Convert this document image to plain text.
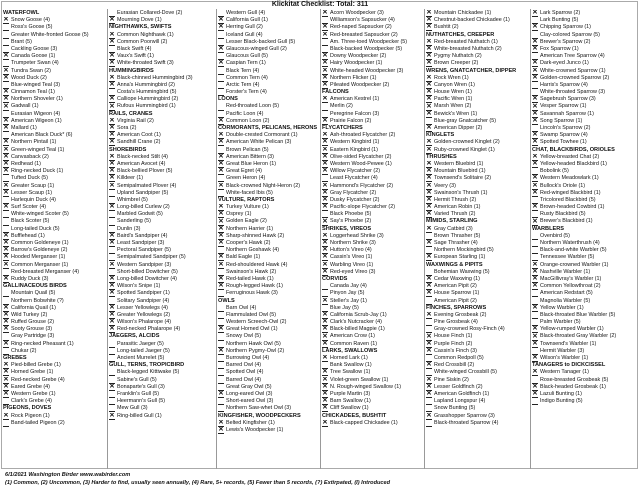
Klickitat Checklist: Total: 311
WATERFOWL
✕ Snow Goose (4)
Ross's Goose (5)
Greater White-fronted Goose (5)
Brant (5)
Cackling Goose (3)
✕ Canada Goose (1)
Trumpeter Swan (4)
✕ Tundra Swan (2)
✕ Wood Duck (2)
Blue-winged Teal (3)
✕ Cinnamon Teal (1)
✕ Northern Shoveler (1)
✕ Gadwall (1)
Eurasian Wigeon (4)
✕ American Wigeon (1)
✕ Mallard (1)
American Black Duck* (6)
✕ Northern Pintail (1)
✕ Green-winged Teal (1)
✕ Canvasback (2)
✕ Redhead (1)
✕ Ring-necked Duck (1)
Tufted Duck (5)
✕ Greater Scaup (1)
✕ Lesser Scaup (1)
Harlequin Duck (4)
✕ Surf Scoter (4)
White-winged Scoter (5)
Black Scoter (5)
Long-tailed Duck (5)
✕ Bufflehead (1)
✕ Common Goldeneye (1)
✕ Barrow's Goldeneye (2)
✕ Hooded Merganser (1)
✕ Common Merganser (1)
Red-breasted Merganser (4)
✕ Ruddy Duck (3)
GALLINACEOUS BIRDS
Mountain Quail (5)
Northern Bobwhite (?)
✕ California Quail (1)
✕ Wild Turkey (2)
✕ Ruffed Grouse (2)
✕ Sooty Grouse (3)
Gray Partridge (3)
✕ Ring-necked Pheasant (1)
Chukar (2)
GREBES
✕ Pied-billed Grebe (1)
✕ Horned Grebe (1)
✕ Red-necked Grebe (4)
✕ Eared Grebe (4)
✕ Western Grebe (1)
Clark's Grebe (4)
PIGEONS, DOVES
✕ Rock Pigeon (1)
Band-tailed Pigeon (2)
Eurasian Collared-Dove (2)
✕ Mourning Dove (1)
NIGHTHAWKS, SWIFTS
✕ Common Nighthawk (1)
✕ Common Poorwill (2)
Black Swift (4)
✕ Vaux's Swift (1)
✕ White-throated Swift (3)
HUMMINGBIRDS
✕ Black-chinned Hummingbird (3)
✕ Anna's Hummingbird (2)
Costa's Hummingbird (5)
✕ Calliope Hummingbird (2)
✕ Rufous Hummingbird (1)
RAILS, CRANES
✕ Virginia Rail (2)
✕ Sora (2)
✕ American Coot (1)
✕ Sandhill Crane (2)
SHOREBIRDS
✕ Black-necked Stilt (4)
✕ American Avocet (4)
✕ Black-bellied Plover (5)
✕ Killdeer (1)
✕ Semipalmated Plover (4)
Upland Sandpiper (5)
Whimbrel (5)
✕ Long-billed Curlew (2)
Marbled Godwit (5)
Sanderling (5)
Dunlin (3)
✕ Baird's Sandpiper (4)
✕ Least Sandpiper (3)
Pectoral Sandpiper (5)
Semipalmated Sandpiper (5)
✕ Western Sandpiper (3)
Short-billed Dowitcher (5)
✕ Long-billed Dowitcher (4)
✕ Wilson's Snipe (1)
✕ Spotted Sandpiper (1)
Solitary Sandpiper (4)
✕ Lesser Yellowlegs (4)
✕ Greater Yellowlegs (2)
✕ Wilson's Phalarope (4)
✕ Red-necked Phalarope (4)
JAEGERS, ALCIDS
Parasitic Jaeger (5)
Long-tailed Jaeger (5)
Ancient Murrelet (5)
GULL, TERNS, TROPICBIRD
Black-legged Kittiwake (5)
Sabine's Gull (5)
✕ Bonaparte's Gull (3)
Franklin's Gull (5)
Heermann's Gull (5)
Mew Gull (3)
✕ Ring-billed Gull (1)
Western Gull (4)
✕ California Gull (1)
✕ Herring Gull (2)
Iceland Gull (4)
Lesser Black-backed Gull (5)
✕ Glaucous-winged Gull (2)
Glaucous Gull (5)
✕ Caspian Tern (1)
Black Tern (4)
Common Tern (4)
Arctic Tern (4)
Forster's Tern (4)
LOONS
Red-throated Loon (5)
Pacific Loon (4)
✕ Common Loon (2)
CORMORANTS, PELICANS, HERONS
✕ Double-crested Cormorant (1)
✕ American White Pelican (3)
Brown Pelican (5)
✕ American Bittern (3)
✕ Great Blue Heron (1)
✕ Great Egret (4)
Green Heron (4)
✕ Black-crowned Night-Heron (2)
White-faced Ibis (5)
VULTURE, RAPTORS
✕ Turkey Vulture (1)
✕ Osprey (1)
✕ Golden Eagle (2)
✕ Northern Harrier (1)
✕ Sharp-shinned Hawk (2)
✕ Cooper's Hawk (2)
Northern Goshawk (4)
✕ Bald Eagle (1)
✕ Red-shouldered Hawk (4)
Swainson's Hawk (2)
✕ Red-tailed Hawk (1)
✕ Rough-legged Hawk (1)
Ferruginous Hawk (3)
OWLS
Barn Owl (4)
Flammulated Owl (5)
Western Screech-Owl (2)
✕ Great Horned Owl (1)
Snowy Owl (5)
Northern Hawk Owl (5)
✕ Northern Pygmy-Owl (2)
Burrowing Owl (4)
Barred Owl (4)
Spotted Owl (4)
Barred Owl (4)
Great Gray Owl (5)
✕ Long-eared Owl (3)
Short-eared Owl (3)
Northern Saw-whet Owl (3)
KINGFISHER, WOODPECKERS
✕ Belted Kingfisher (1)
✕ Lewis's Woodpecker (1)
✕ Acorn Woodpecker (3)
Williamson's Sapsucker (4)
✕ Red-naped Sapsucker (2)
✕ Red-breasted Sapsucker (2)
Am. Three-toed Woodpecker (5)
Black-backed Woodpecker (5)
✕ Downy Woodpecker (2)
✕ Hairy Woodpecker (1)
✕ White-headed Woodpecker (3)
✕ Northern Flicker (1)
✕ Pileated Woodpecker (2)
FALCONS
✕ American Kestrel (1)
Merlin (2)
Peregrine Falcon (3)
✕ Prairie Falcon (2)
FLYCATCHERS
✕ Ash-throated Flycatcher (2)
✕ Western Kingbird (1)
✕ Eastern Kingbird (1)
✕ Olive-sided Flycatcher (2)
✕ Western Wood-Pewee (1)
✕ Willow Flycatcher (2)
Least Flycatcher (4)
✕ Hammond's Flycatcher (2)
✕ Gray Flycatcher (2)
✕ Dusky Flycatcher (2)
✕ Pacific-slope Flycatcher (2)
Black Phoebe (5)
✕ Say's Phoebe (2)
SHRIKES, VIREOS
✕ Loggerhead Shrike (3)
✕ Northern Shrike (3)
✕ Hutton's Vireo (4)
✕ Cassin's Vireo (1)
✕ Warbling Vireo (1)
✕ Red-eyed Vireo (3)
CORVIDS
Canada Jay (4)
Pinyon Jay (5)
✕ Steller's Jay (1)
Blue Jay (5)
✕ California Scrub-Jay (1)
✕ Clark's Nutcracker (4)
✕ Black-billed Magpie (1)
✕ American Crow (1)
✕ Common Raven (1)
LARKS, SWALLOWS
✕ Horned Lark (1)
Bank Swallow (1)
✕ Tree Swallow (1)
✕ Violet-green Swallow (1)
✕ N. Rough-winged Swallow (1)
✕ Purple Martin (3)
✕ Barn Swallow (1)
✕ Cliff Swallow (1)
CHICKADEES, BUSHTIT
✕ Black-capped Chickadee (1)
✕ Mountain Chickadee (1)
✕ Chestnut-backed Chickadee (1)
✕ Bushtit (2)
NUTHATCHES, CREEPER
✕ Red-breasted Nuthatch (1)
✕ White-breasted Nuthatch (2)
✕ Pygmy Nuthatch (2)
✕ Brown Creeper (2)
WRENS, GNATCATCHER, DIPPER
✕ Rock Wren (1)
✕ Canyon Wren (1)
✕ House Wren (1)
✕ Pacific Wren (1)
✕ Marsh Wren (2)
✕ Bewick's Wren (1)
Blue-gray Gnatcatcher (5)
✕ American Dipper (2)
KINGLETS
✕ Golden-crowned Kinglet (2)
✕ Ruby-crowned Kinglet (1)
THRUSHES
✕ Western Bluebird (1)
✕ Mountain Bluebird (1)
✕ Townsend's Solitaire (2)
✕ Veery (3)
✕ Swainson's Thrush (1)
✕ Hermit Thrush (2)
✕ American Robin (1)
✕ Varied Thrush (2)
MIMIDS, STARLING
✕ Gray Catbird (3)
Brown Thrasher (5)
✕ Sage Thrasher (4)
Northern Mockingbird (5)
✕ European Starling (1)
WAXWINGS & PIPITS
Bohemian Waxwing (5)
✕ Cedar Waxwing (1)
✕ American Pipit (2)
✕ House Sparrow (1)
American Pipit (2)
FINCHES, SPARROWS
✕ Evening Grosbeak (2)
Pine Grosbeak (4)
Gray-crowned Rosy-Finch (4)
✕ House Finch (1)
✕ Purple Finch (2)
✕ Cassin's Finch (3)
Common Redpoll (5)
✕ Red Crossbill (2)
White-winged Crossbill (5)
✕ Pine Siskin (2)
✕ Lesser Goldfinch (2)
✕ American Goldfinch (1)
Lapland Longspur (4)
Snow Bunting (5)
✕ Grasshopper Sparrow (3)
Black-throated Sparrow (4)
✕ Lark Sparrow (2)
Lark Bunting (5)
✕ Chipping Sparrow (1)
Clay-colored Sparrow (5)
✕ Brewer's Sparrow (2)
✕ Fox Sparrow (1)
American Tree Sparrow (4)
✕ Dark-eyed Junco (1)
✕ White-crowned Sparrow (1)
✕ Golden-crowned Sparrow (2)
Harris's Sparrow (4)
White-throated Sparrow (3)
✕ Sagebrush Sparrow (3)
✕ Vesper Sparrow (1)
✕ Savannah Sparrow (1)
✕ Song Sparrow (1)
Lincoln's Sparrow (2)
✕ Swamp Sparrow (4)
✕ Spotted Towhee (1)
CHAT, BLACKBIRDS, ORIOLES
✕ Yellow-breasted Chat (2)
✕ Yellow-headed Blackbird (1)
Bobolink (5)
✕ Western Meadowlark (1)
✕ Bullock's Oriole (1)
✕ Red-winged Blackbird (1)
Tricolored Blackbird (5)
✕ Brown-headed Cowbird (1)
Rusty Blackbird (5)
✕ Brewer's Blackbird (1)
WARBLERS
Ovenbird (5)
Northern Waterthrush (4)
Black-and-white Warbler (5)
Tennessee Warbler (5)
✕ Orange-crowned Warbler (1)
✕ Nashville Warbler (1)
✕ MacGillivray's Warbler (1)
✕ Common Yellowthroat (2)
American Redstart (5)
Magnolia Warbler (5)
✕ Yellow Warbler (1)
Black-throated Blue Warbler (5)
Palm Warbler (5)
✕ Yellow-rumped Warbler (1)
✕ Black-throated Gray Warbler (2)
✕ Townsend's Warbler (1)
Hermit Warbler (3)
✕ Wilson's Warbler (1)
TANAGERS to DICKCISSEL
✕ Western Tanager (1)
Rose-breasted Grosbeak (5)
✕ Black-headed Grosbeak (1)
✕ Lazuli Bunting (1)
Indigo Bunting (5)
6/1/2021 Washington Birder www.wabirder.com
(1) Common, (2) Uncommon, (3) Harder to find, usually seen annually, (4) Rare, 5+ records, (5) Fewer than 5 records, (?) Extirpated, (I) Introduced
